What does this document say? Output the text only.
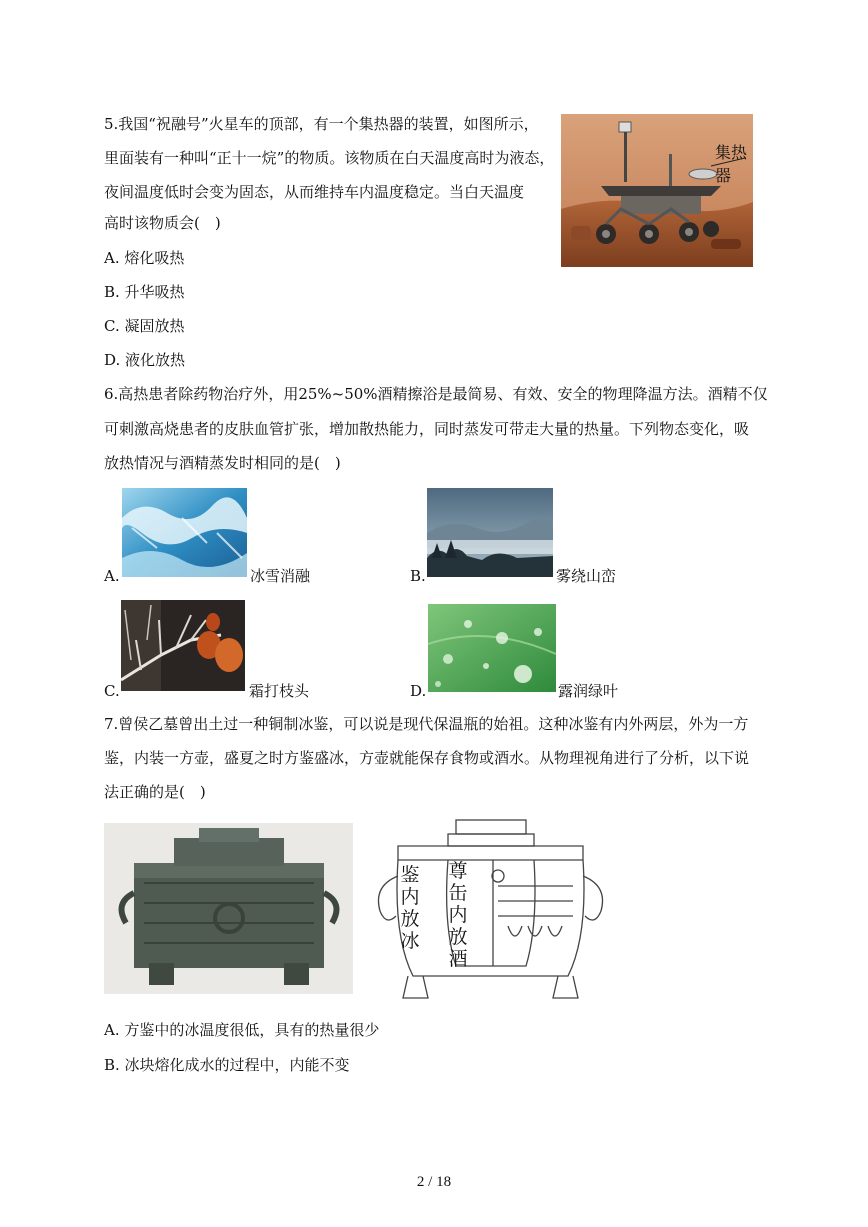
5.我国“祝融号”火星车的顶部，有一个集热器的装置，如图所示，
里面装有一种叫“正十一烷”的物质。该物质在白天温度高时为液态，
夜间温度低时会变为固态，从而维持车内温度稳定。当白天温度
高时该物质会(　)
集热器
A. 熔化吸热
B. 升华吸热
C. 凝固放热
D. 液化放热
6.高热患者除药物治疗外，用25%~50%酒精擦浴是最简易、有效、安全的物理降温方法。酒精不仅
可刺激高烧患者的皮肤血管扩张，增加散热能力，同时蒸发可带走大量的热量。下列物态变化，吸
放热情况与酒精蒸发时相同的是(　)
A.	冰雪消融	B.	雾绕山峦
C.	霜打枝头	D.	露润绿叶
7.曾侯乙墓曾出土过一种铜制冰鉴，可以说是现代保温瓶的始祖。这种冰鉴有内外两层，外为一方
鉴，内装一方壶，盛夏之时方鉴盛冰，方壶就能保存食物或酒水。从物理视角进行了分析，以下说
法正确的是(　)
鉴内放冰
尊缶内放酒
A. 方鉴中的冰温度很低，具有的热量很少
B. 冰块熔化成水的过程中，内能不变
2 / 18
